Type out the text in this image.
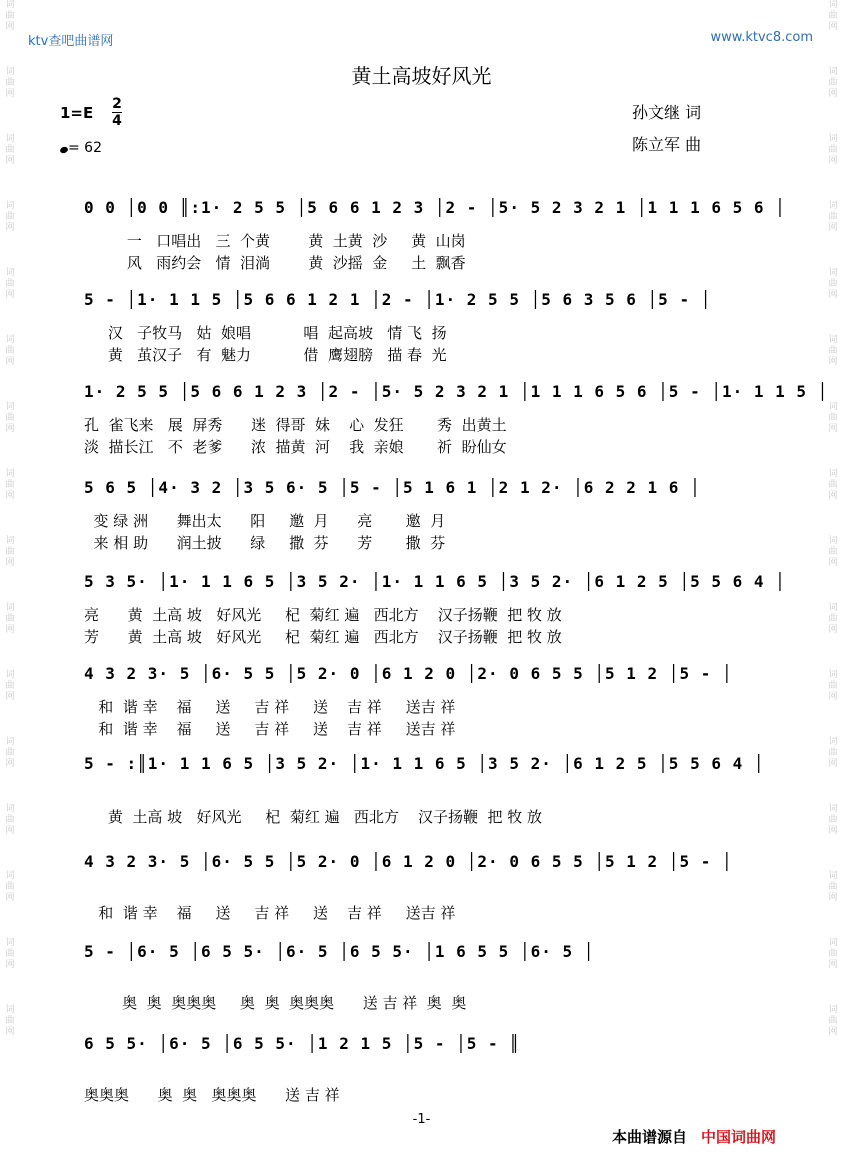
词曲网
词曲网
词曲网
词曲网
词曲网
词曲网
词曲网
词曲网
词曲网
词曲网
词曲网
词曲网
词曲网
词曲网
词曲网
词曲网
词曲网
词曲网
词曲网
词曲网
词曲网
词曲网
词曲网
词曲网
词曲网
词曲网
词曲网
词曲网
词曲网
词曲网
词曲网
词曲网
ktv查吧曲谱网	www.ktvc8.com
黄土高坡好风光
1=E 2
4
= 62
孙文继 词
陈立军 曲
0 0 │0 0 ║:1· 2 5 5 │5 6 6 1 2 3 │2 - │5· 5 2 3 2 1 │1 1 1 6 5 6 │
一   口唱出   三  个黄        黄  土黄  沙     黄  山岗
风   雨约会   情  泪淌        黄  沙摇  金     土  飘香
5 - │1· 1 1 5 │5 6 6 1 2 1 │2 - │1· 2 5 5 │5 6 3 5 6 │5 - │
汉   子牧马   姑  娘唱           唱  起高坡   情 飞  扬
黄   茧汉子   有  魅力           借  鹰翅膀   描 春  光
1· 2 5 5 │5 6 6 1 2 3 │2 - │5· 5 2 3 2 1 │1 1 1 6 5 6 │5 - │1· 1 1 5 │
孔  雀飞来   展  屏秀      迷  得哥  妹    心  发狂       秀  出黄土
淡  描长江   不  老爹      浓  描黄  河    我  亲娘       祈  盼仙女
5 6 5 │4· 3 2 │3 5 6· 5 │5 - │5 1 6 1 │2 1 2· │6 2 2 1 6 │
变 绿 洲      舞出太      阳     邀  月      亮       邀  月
来 相 助      润土披      绿     撒  芬      芳       撒  芬
5 3 5· │1· 1 1 6 5 │3 5 2· │1· 1 1 6 5 │3 5 2· │6 1 2 5 │5 5 6 4 │
亮      黄  土高 坡   好风光     杞  菊红 遍   西北方    汉子扬鞭  把 牧 放
芳      黄  土高 坡   好风光     杞  菊红 遍   西北方    汉子扬鞭  把 牧 放
4 3 2 3· 5 │6· 5 5 │5 2· 0 │6 1 2 0 │2· 0 6 5 5 │5 1 2 │5 - │
和  谐 幸    福     送     吉 祥     送    吉 祥     送吉 祥
和  谐 幸    福     送     吉 祥     送    吉 祥     送吉 祥
5 - :║1· 1 1 6 5 │3 5 2· │1· 1 1 6 5 │3 5 2· │6 1 2 5 │5 5 6 4 │
黄  土高 坡   好风光     杞  菊红 遍   西北方    汉子扬鞭  把 牧 放
4 3 2 3· 5 │6· 5 5 │5 2· 0 │6 1 2 0 │2· 0 6 5 5 │5 1 2 │5 - │
和  谐 幸    福     送     吉 祥     送    吉 祥     送吉 祥
5 - │6· 5 │6 5 5· │6· 5 │6 5 5· │1 6 5 5 │6· 5 │
奥  奥  奥奥奥     奥  奥  奥奥奥      送 吉 祥  奥  奥
6 5 5· │6· 5 │6 5 5· │1 2 1 5 │5 - │5 - ║
奥奥奥      奥  奥   奥奥奥      送 吉 祥
-1-
本曲谱源自 中国词曲网
